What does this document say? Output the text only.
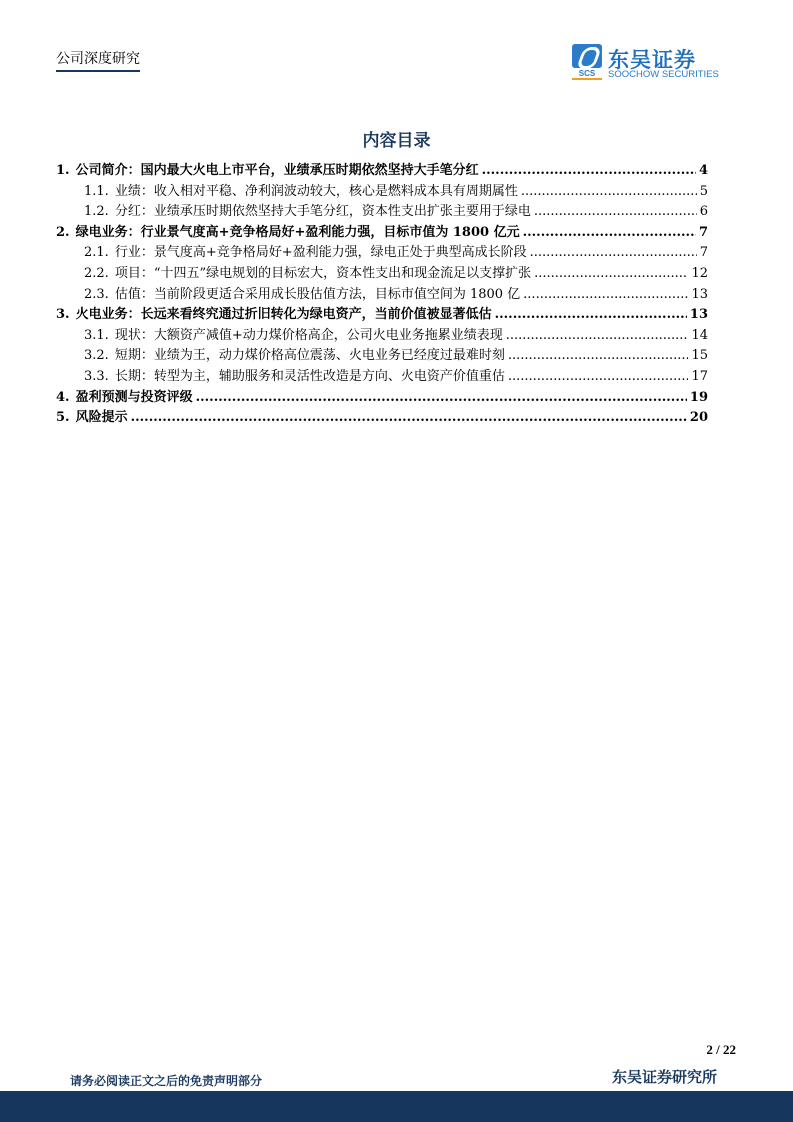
公司深度研究
SCS
东吴证券
SOOCHOW SECURITIES
内容目录
1. 公司简介：国内最大火电上市平台，业绩承压时期依然坚持大手笔分红 .....	4
1.1. 业绩：收入相对平稳、净利润波动较大，核心是燃料成本具有周期属性 .....	5
1.2. 分红：业绩承压时期依然坚持大手笔分红，资本性支出扩张主要用于绿电 .....	6
2. 绿电业务：行业景气度高+竞争格局好+盈利能力强，目标市值为 1800 亿元 .....	7
2.1. 行业：景气度高+竞争格局好+盈利能力强，绿电正处于典型高成长阶段 .....	7
2.2. 项目：“十四五”绿电规划的目标宏大，资本性支出和现金流足以支撑扩张 .....	12
2.3. 估值：当前阶段更适合采用成长股估值方法，目标市值空间为 1800 亿 .....	13
3. 火电业务：长远来看终究通过折旧转化为绿电资产，当前价值被显著低估 .....	13
3.1. 现状：大额资产减值+动力煤价格高企，公司火电业务拖累业绩表现 .....	14
3.2. 短期：业绩为王，动力煤价格高位震荡、火电业务已经度过最难时刻 .....	15
3.3. 长期：转型为主，辅助服务和灵活性改造是方向、火电资产价值重估 .....	17
4. 盈利预测与投资评级 .....	19
5. 风险提示 .....	20
2 / 22
东吴证券研究所
请务必阅读正文之后的免责声明部分
